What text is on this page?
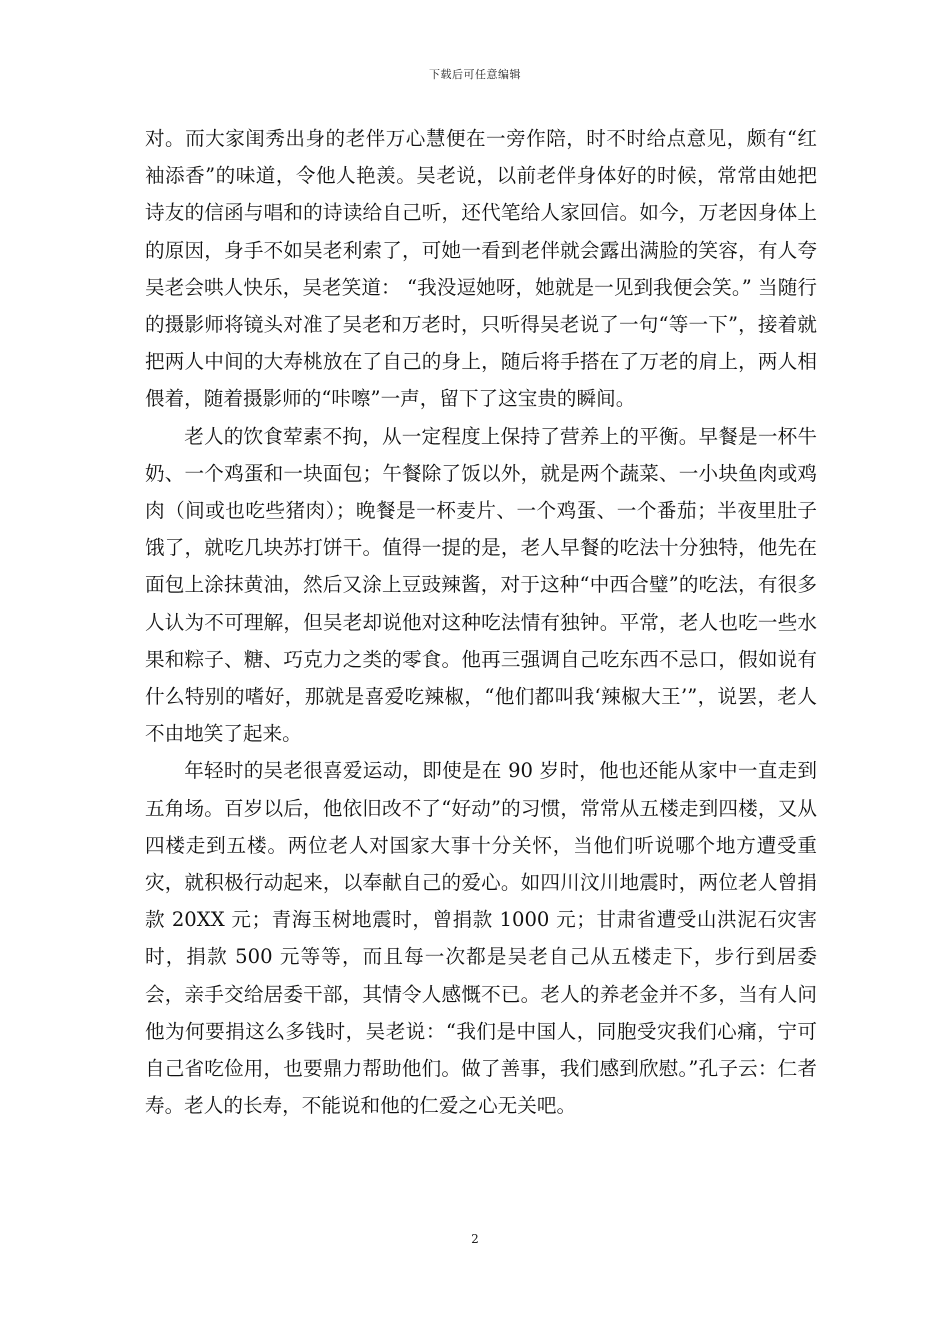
下载后可任意编辑

对。而大家闺秀出身的老伴万心慧便在一旁作陪，时不时给点意见，颇有“红袖添香”的味道，令他人艳羡。吴老说，以前老伴身体好的时候，常常由她把诗友的信函与唱和的诗读给自己听，还代笔给人家回信。如今，万老因身体上的原因，身手不如吴老利索了，可她一看到老伴就会露出满脸的笑容，有人夸吴老会哄人快乐，吴老笑道： “我没逗她呀，她就是一见到我便会笑。” 当随行的摄影师将镜头对准了吴老和万老时，只听得吴老说了一句“等一下”，接着就把两人中间的大寿桃放在了自己的身上，随后将手搭在了万老的肩上，两人相偎着，随着摄影师的“咔嚓”一声，留下了这宝贵的瞬间。

老人的饮食荤素不拘，从一定程度上保持了营养上的平衡。早餐是一杯牛奶、一个鸡蛋和一块面包；午餐除了饭以外，就是两个蔬菜、一小块鱼肉或鸡肉（间或也吃些猪肉）；晚餐是一杯麦片、一个鸡蛋、一个番茄；半夜里肚子饿了，就吃几块苏打饼干。值得一提的是，老人早餐的吃法十分独特，他先在面包上涂抹黄油，然后又涂上豆豉辣酱，对于这种“中西合璧”的吃法，有很多人认为不可理解，但吴老却说他对这种吃法情有独钟。平常，老人也吃一些水果和粽子、糖、巧克力之类的零食。他再三强调自己吃东西不忌口，假如说有什么特别的嗜好，那就是喜爱吃辣椒，“他们都叫我‘辣椒大王’”，说罢，老人不由地笑了起来。

年轻时的吴老很喜爱运动，即使是在 90 岁时，他也还能从家中一直走到五角场。百岁以后，他依旧改不了“好动”的习惯，常常从五楼走到四楼，又从四楼走到五楼。两位老人对国家大事十分关怀，当他们听说哪个地方遭受重灾，就积极行动起来，以奉献自己的爱心。如四川汶川地震时，两位老人曾捐款 20XX 元；青海玉树地震时，曾捐款 1000 元；甘肃省遭受山洪泥石灾害时，捐款 500 元等等，而且每一次都是吴老自己从五楼走下，步行到居委会，亲手交给居委干部，其情令人感慨不已。老人的养老金并不多，当有人问他为何要捐这么多钱时，吴老说：“我们是中国人，同胞受灾我们心痛，宁可自己省吃俭用，也要鼎力帮助他们。做了善事，我们感到欣慰。”孔子云：仁者寿。老人的长寿，不能说和他的仁爱之心无关吧。

2
